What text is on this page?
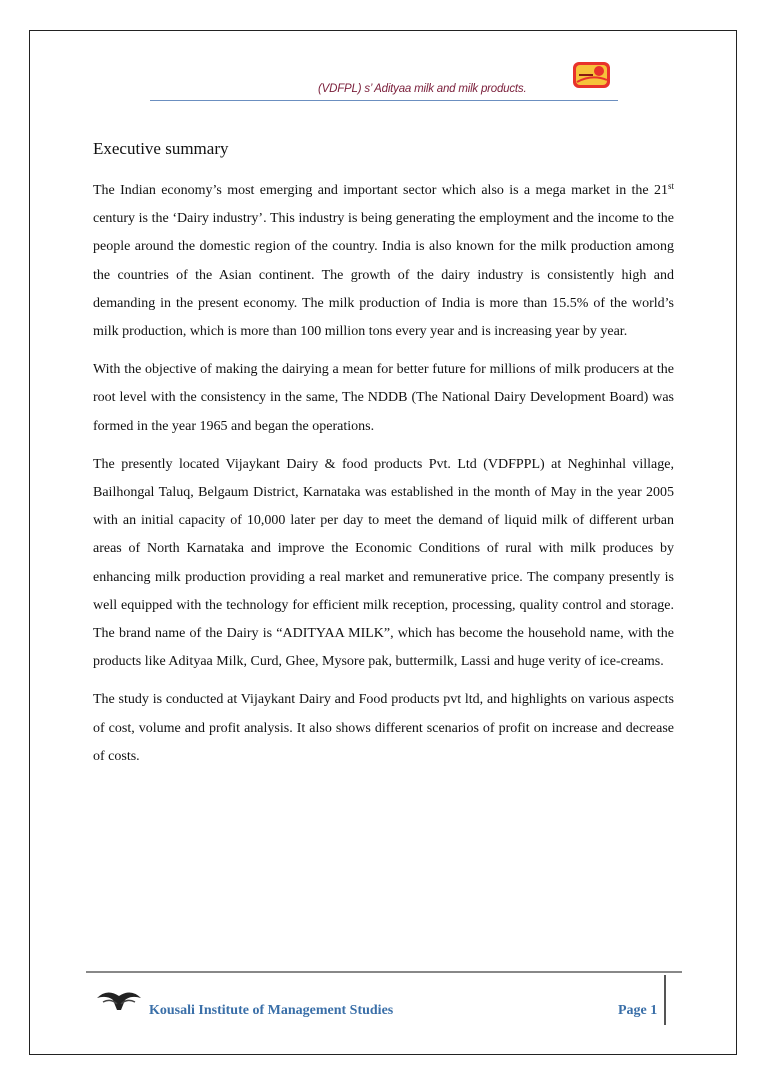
(VDFPL) s’ Adityaa milk and milk products.
Executive summary

The Indian economy’s most emerging and important sector which also is a mega market in the 21st century is the ‘Dairy industry’. This industry is being generating the employment and the income to the people around the domestic region of the country. India is also known for the milk production among the countries of the Asian continent. The growth of the dairy industry is consistently high and demanding in the present economy. The milk production of India is more than 15.5% of the world’s milk production, which is more than 100 million tons every year and is increasing year by year.

With the objective of making the dairying a mean for better future for millions of milk producers at the root level with the consistency in the same, The NDDB (The National Dairy Development Board) was formed in the year 1965 and began the operations.

The presently located Vijaykant Dairy & food products Pvt. Ltd (VDFPPL) at Neghinhal village, Bailhongal Taluq, Belgaum District, Karnataka was established in the month of May in the year 2005 with an initial capacity of 10,000 later per day to meet the demand of liquid milk of different urban areas of North Karnataka and improve the Economic Conditions of rural with milk produces by enhancing milk production providing a real market and remunerative price. The company presently is well equipped with the technology for efficient milk reception, processing, quality control and storage. The brand name of the Dairy is “ADITYAA MILK”, which has become the household name, with the products like Adityaa Milk, Curd, Ghee, Mysore pak, buttermilk, Lassi and huge verity of ice-creams.

The study is conducted at Vijaykant Dairy and Food products pvt ltd, and highlights on various aspects of cost, volume and profit analysis. It also shows different scenarios of profit on increase and decrease of costs.

Kousali Institute of Management Studies	Page 1
